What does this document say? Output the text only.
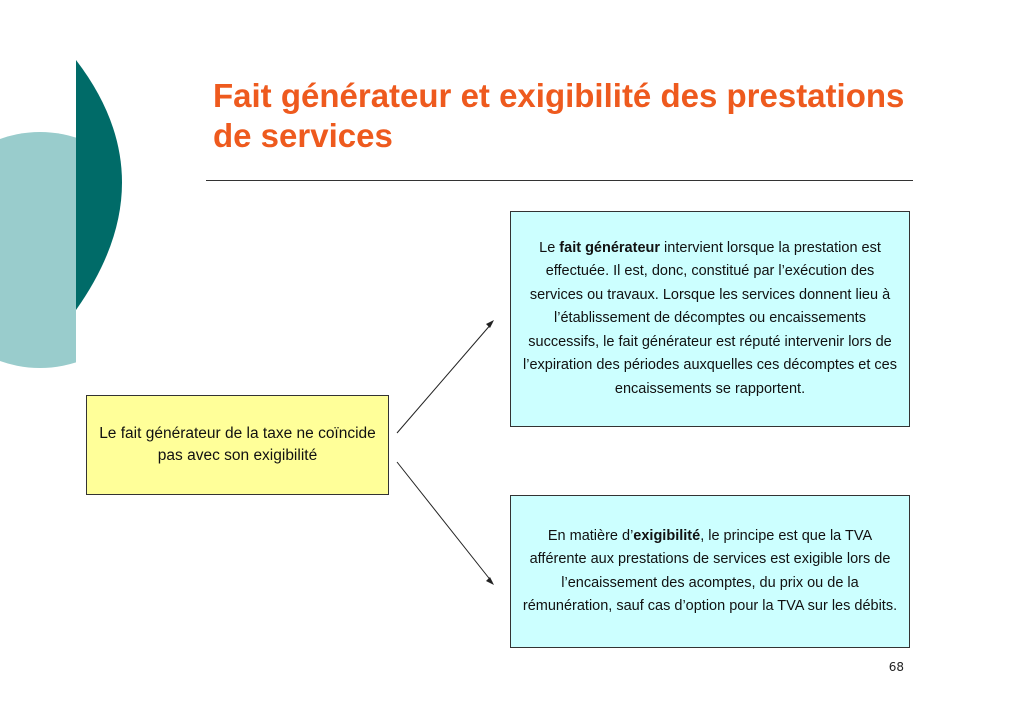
Fait générateur et exigibilité des prestations de services
Le fait générateur de la taxe ne coïncide pas avec son exigibilité
Le fait générateur intervient lorsque la prestation est effectuée. Il est, donc, constitué par l’exécution des services ou travaux. Lorsque les services donnent lieu à l’établissement de décomptes ou encaissements successifs, le fait générateur est réputé intervenir lors de l’expiration des périodes auxquelles ces décomptes et ces encaissements se rapportent.
En matière d’exigibilité, le principe est que la TVA afférente aux prestations de services est exigible lors de l’encaissement des acomptes, du prix ou de la rémunération, sauf cas d’option pour la TVA sur les débits.
68
